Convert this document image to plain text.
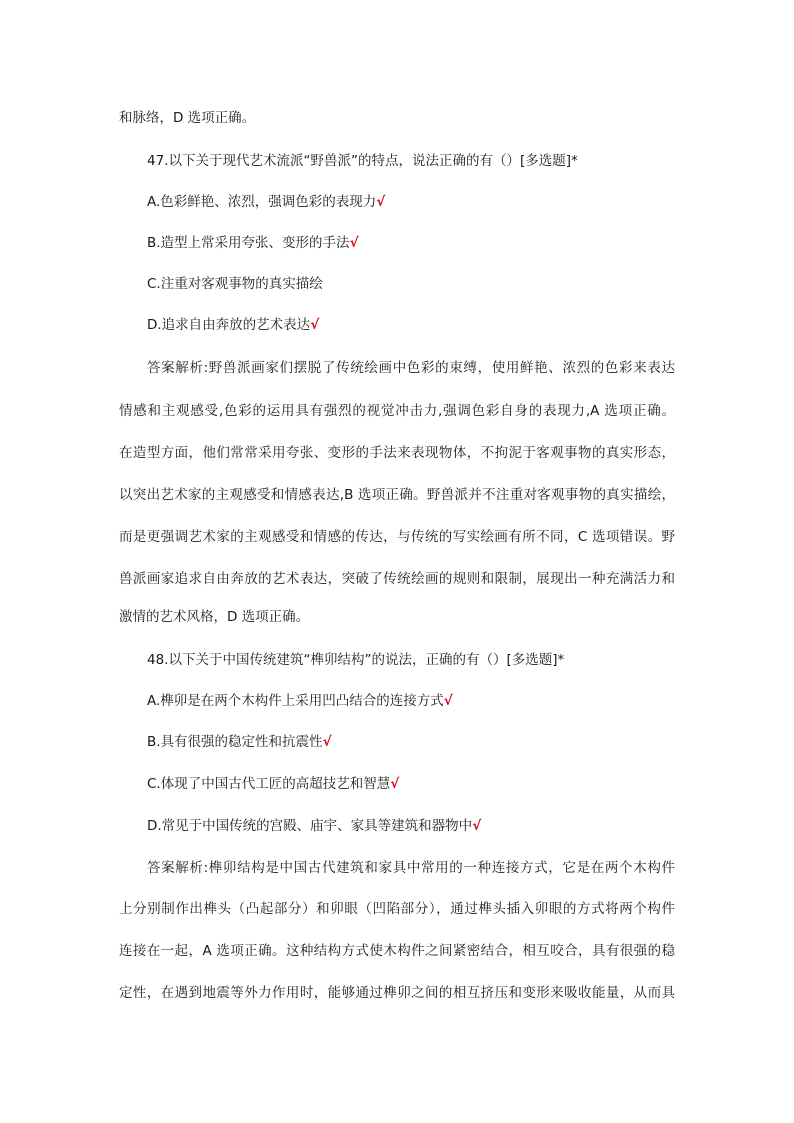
和脉络，D 选项正确。
47.以下关于现代艺术流派“野兽派”的特点，说法正确的有（）[多选题]*
A.色彩鲜艳、浓烈，强调色彩的表现力√
B.造型上常采用夸张、变形的手法√
C.注重对客观事物的真实描绘
D.追求自由奔放的艺术表达√
答案解析:野兽派画家们摆脱了传统绘画中色彩的束缚，使用鲜艳、浓烈的色彩来表达
情感和主观感受,色彩的运用具有强烈的视觉冲击力,强调色彩自身的表现力,A 选项正确。
在造型方面，他们常常采用夸张、变形的手法来表现物体，不拘泥于客观事物的真实形态，
以突出艺术家的主观感受和情感表达,B 选项正确。野兽派并不注重对客观事物的真实描绘，
而是更强调艺术家的主观感受和情感的传达，与传统的写实绘画有所不同，C 选项错误。野
兽派画家追求自由奔放的艺术表达，突破了传统绘画的规则和限制，展现出一种充满活力和
激情的艺术风格，D 选项正确。
48.以下关于中国传统建筑“榫卯结构”的说法，正确的有（）[多选题]*
A.榫卯是在两个木构件上采用凹凸结合的连接方式√
B.具有很强的稳定性和抗震性√
C.体现了中国古代工匠的高超技艺和智慧√
D.常见于中国传统的宫殿、庙宇、家具等建筑和器物中√
答案解析:榫卯结构是中国古代建筑和家具中常用的一种连接方式，它是在两个木构件
上分别制作出榫头（凸起部分）和卯眼（凹陷部分），通过榫头插入卯眼的方式将两个构件
连接在一起，A 选项正确。这种结构方式使木构件之间紧密结合，相互咬合，具有很强的稳
定性，在遇到地震等外力作用时，能够通过榫卯之间的相互挤压和变形来吸收能量，从而具
